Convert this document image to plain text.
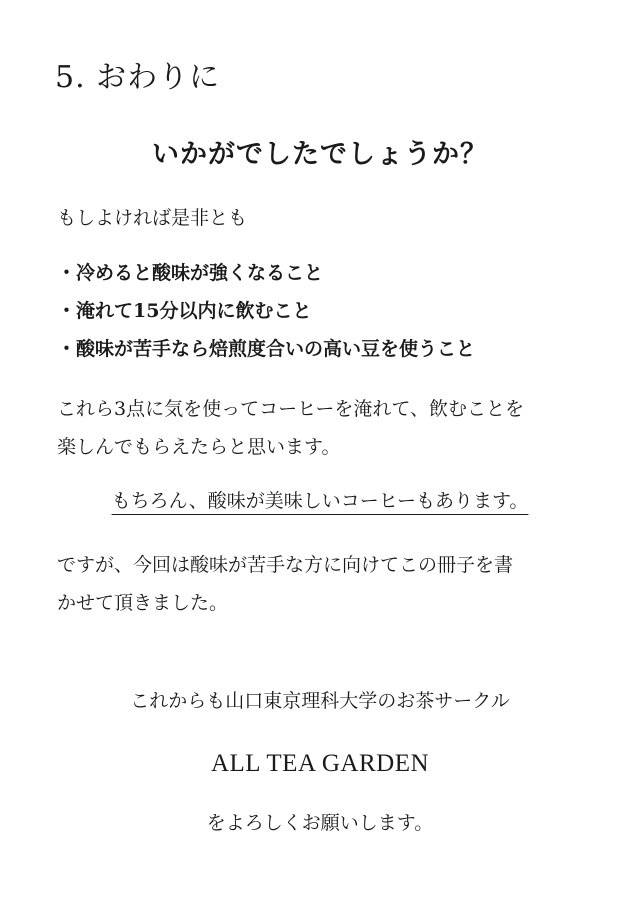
5. おわりに
いかがでしたでしょうか？
もしよければ是非とも
・冷めると酸味が強くなること
・淹れて15分以内に飲むこと
・酸味が苦手なら焙煎度合いの高い豆を使うこと
これら3点に気を使ってコーヒーを淹れて、飲むことを
楽しんでもらえたらと思います。
もちろん、酸味が美味しいコーヒーもあります。
ですが、今回は酸味が苦手な方に向けてこの冊子を書
かせて頂きました。
これからも山口東京理科大学のお茶サークル
ALL TEA GARDEN
をよろしくお願いします。
